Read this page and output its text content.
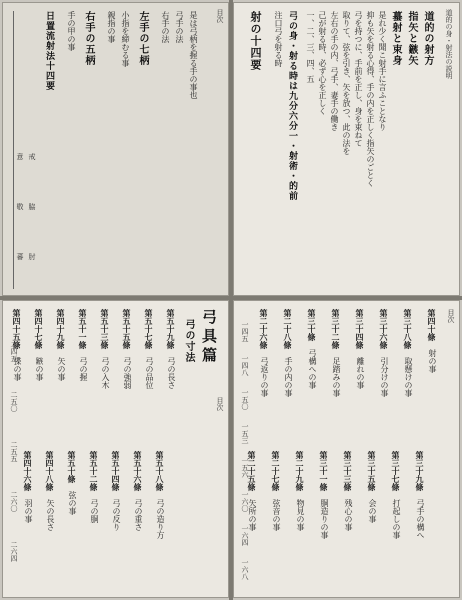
目次
是は弓柄を握る手の事也
弓手の法
右手の法
左手の七柄
小指を締むる事
親指の事
右手の五柄
手の甲の事
日置流射法十四要
戒
意
脇
敬
肘
蕃
道的の身・射法の説明
道的の射方
指矢と鏃矢
蟇射と束身
是れ少く聞こ射手に言ふことなり
抑も矢を射る心得、手の内を正しく指矢のごとく
弓を持つに、手前を正し、身を束ねて
取りて、弦を引き、矢を放つ、此の法を
左右の手の内、弓手、妻手の働き
己が射る時、必ず心を正しく
一、二、三、四、五
弓の身・射る時は九分六分一・射術・的前
注口弓を射る時
射の十四要
弓具篇
弓の寸法
目次
第五十九條　弓の長さ
第五十八條　弓の造り方
第五十七條　弓の品位
第五十六條　弓の重さ
第五十五條　弓の強弱
第五十四條　弓の反り
第五十三條　弓の入木
第五十二條　弓の胴
第五十一條　弓の握
第五十條　弦の事
第四十九條　矢の事
第四十八條　矢の長さ
第四十七條　鏃の事
第四十六條　羽の事
第四十五條　弽の事
二四五
二五〇
二五五
二六〇
二六四
目次
第四十條　射の事
第三十九條　弓手の構へ
第三十八條　取懸けの事
第三十七條　打起しの事
第三十六條　引分けの事
第三十五條　会の事
第三十四條　離れの事
第三十三條　残心の事
第三十二條　足踏みの事
第三十一條　胴造りの事
第三十條　弓構への事
第二十九條　物見の事
第二十八條　手の内の事
第二十七條　弦音の事
第二十六條　弓返りの事
第二十五條　矢所の事
一四五
一四八
一五〇
一五三
一五六
一六〇
一六四
一六八
